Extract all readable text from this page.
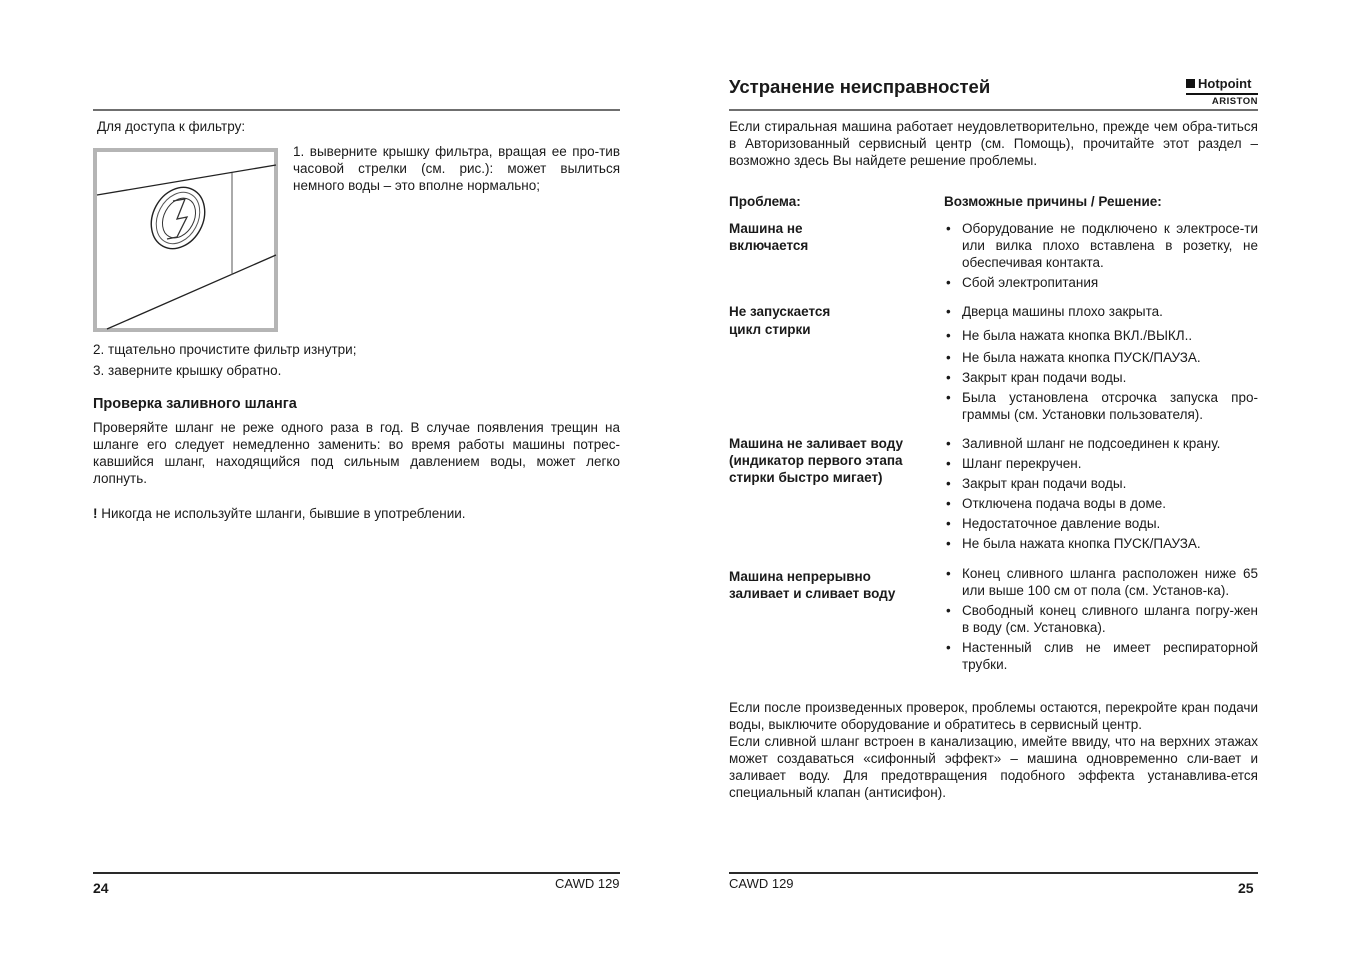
Для доступа к фильтру:

1. выверните крышку фильтра, вращая ее про-тив часовой стрелки (см. рис.): может вылиться немного воды – это вполне нормально;

2. тщательно прочистите фильтр изнутри;

3. заверните крышку обратно.

Проверка заливного шланга

Проверяйте шланг не реже одного раза в год. В случае появления трещин на шланге его следует немедленно заменить: во время работы машины потрес-кавшийся шланг, находящийся под сильным давлением воды, может легко лопнуть.

! Никогда не используйте шланги, бывшие в употреблении.

24	CAWD 129

Устранение неисправностей	Hotpoint
ARISTON

Если стиральная машина работает неудовлетворительно, прежде чем обра-титься в Авторизованный сервисный центр (см. Помощь), прочитайте этот раздел – возможно здесь Вы найдете решение проблемы.

Проблема:	Возможные причины / Решение:

Машина не включается

• Оборудование не подключено к электросе-ти или вилка плохо вставлена в розетку, не обеспечивая контакта.
• Сбой электропитания

Не запускается цикл стирки

• Дверца машины плохо закрыта.
• Не была нажата кнопка ВКЛ./ВЫКЛ..
• Не была нажата кнопка ПУСК/ПАУЗА.
• Закрыт кран подачи воды.
• Была установлена отсрочка запуска про-граммы (см. Установки пользователя).

Машина не заливает воду (индикатор первого этапа стирки быстро мигает)

• Заливной шланг не подсоединен к крану.
• Шланг перекручен.
• Закрыт кран подачи воды.
• Отключена подача воды в доме.
• Недостаточное давление воды.
• Не была нажата кнопка ПУСК/ПАУЗА.

Машина непрерывно заливает и сливает воду

• Конец сливного шланга расположен ниже 65 или выше 100 см от пола (см. Установ-ка).
• Свободный конец сливного шланга погру-жен в воду (см. Установка).
• Настенный слив не имеет респираторной трубки.

Если после произведенных проверок, проблемы остаются, перекройте кран подачи воды, выключите оборудование и обратитесь в сервисный центр.

Если сливной шланг встроен в канализацию, имейте ввиду, что на верхних этажах может создаваться «сифонный эффект» – машина одновременно сли-вает и заливает воду. Для предотвращения подобного эффекта устанавлива-ется специальный клапан (антисифон).

CAWD 129	25
